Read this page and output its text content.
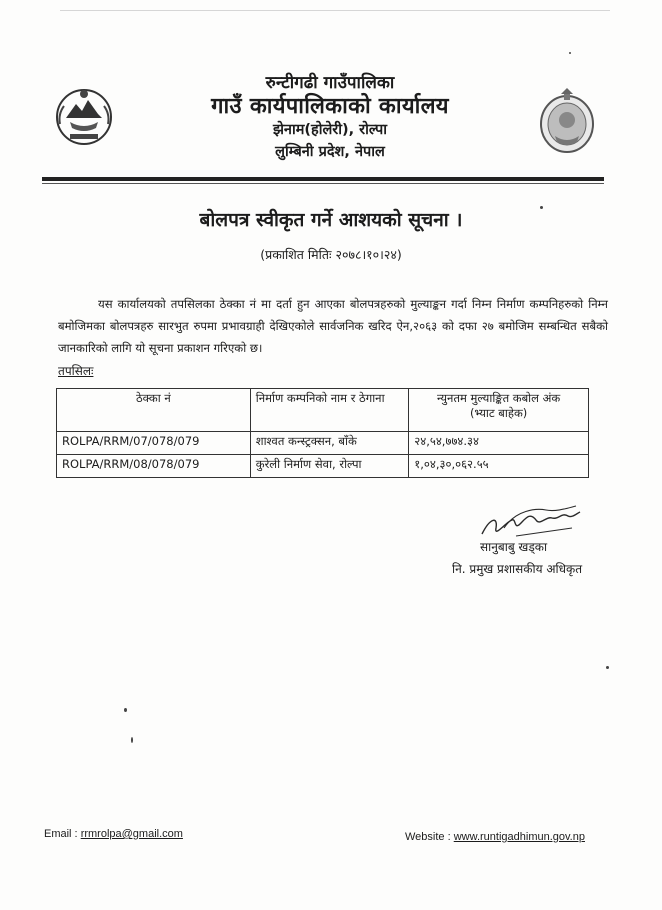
रुन्टीगढी गाउँपालिका
गाउँ कार्यपालिकाको कार्यालय
झेनाम(होलेरी), रोल्पा
लुम्बिनी प्रदेश, नेपाल
बोलपत्र स्वीकृत गर्ने आशयको सूचना ।
(प्रकाशित मितिः २०७८।१०।२४)
यस कार्यालयको तपसिलका ठेक्का नं मा दर्ता हुन आएका बोलपत्रहरुको मुल्याङ्कन गर्दा निम्न निर्माण कम्पनिहरुको निम्न बमोजिमका बोलपत्रहरु सारभुत रुपमा प्रभावग्राही देखिएकोले सार्वजनिक खरिद ऐन,२०६३ को दफा २७ बमोजिम सम्बन्धित सबैको जानकारिको लागि यो सूचना प्रकाशन गरिएको छ।
तपसिलः
ठेक्का नं	निर्माण कम्पनिको नाम र ठेगाना	न्युनतम मुल्याङ्कित कबोल अंक
(भ्याट बाहेक)

ROLPA/RRM/07/078/079	शाश्वत कन्स्ट्रक्सन, बाँके	२४,५४,७७४.३४
ROLPA/RRM/08/078/079	कुरेली निर्माण सेवा, रोल्पा	१,०४,३०,०६२.५५
सानुबाबु खड्का
नि. प्रमुख प्रशासकीय अधिकृत
Email : rrmrolpa@gmail.com	Website : www.runtigadhimun.gov.np
